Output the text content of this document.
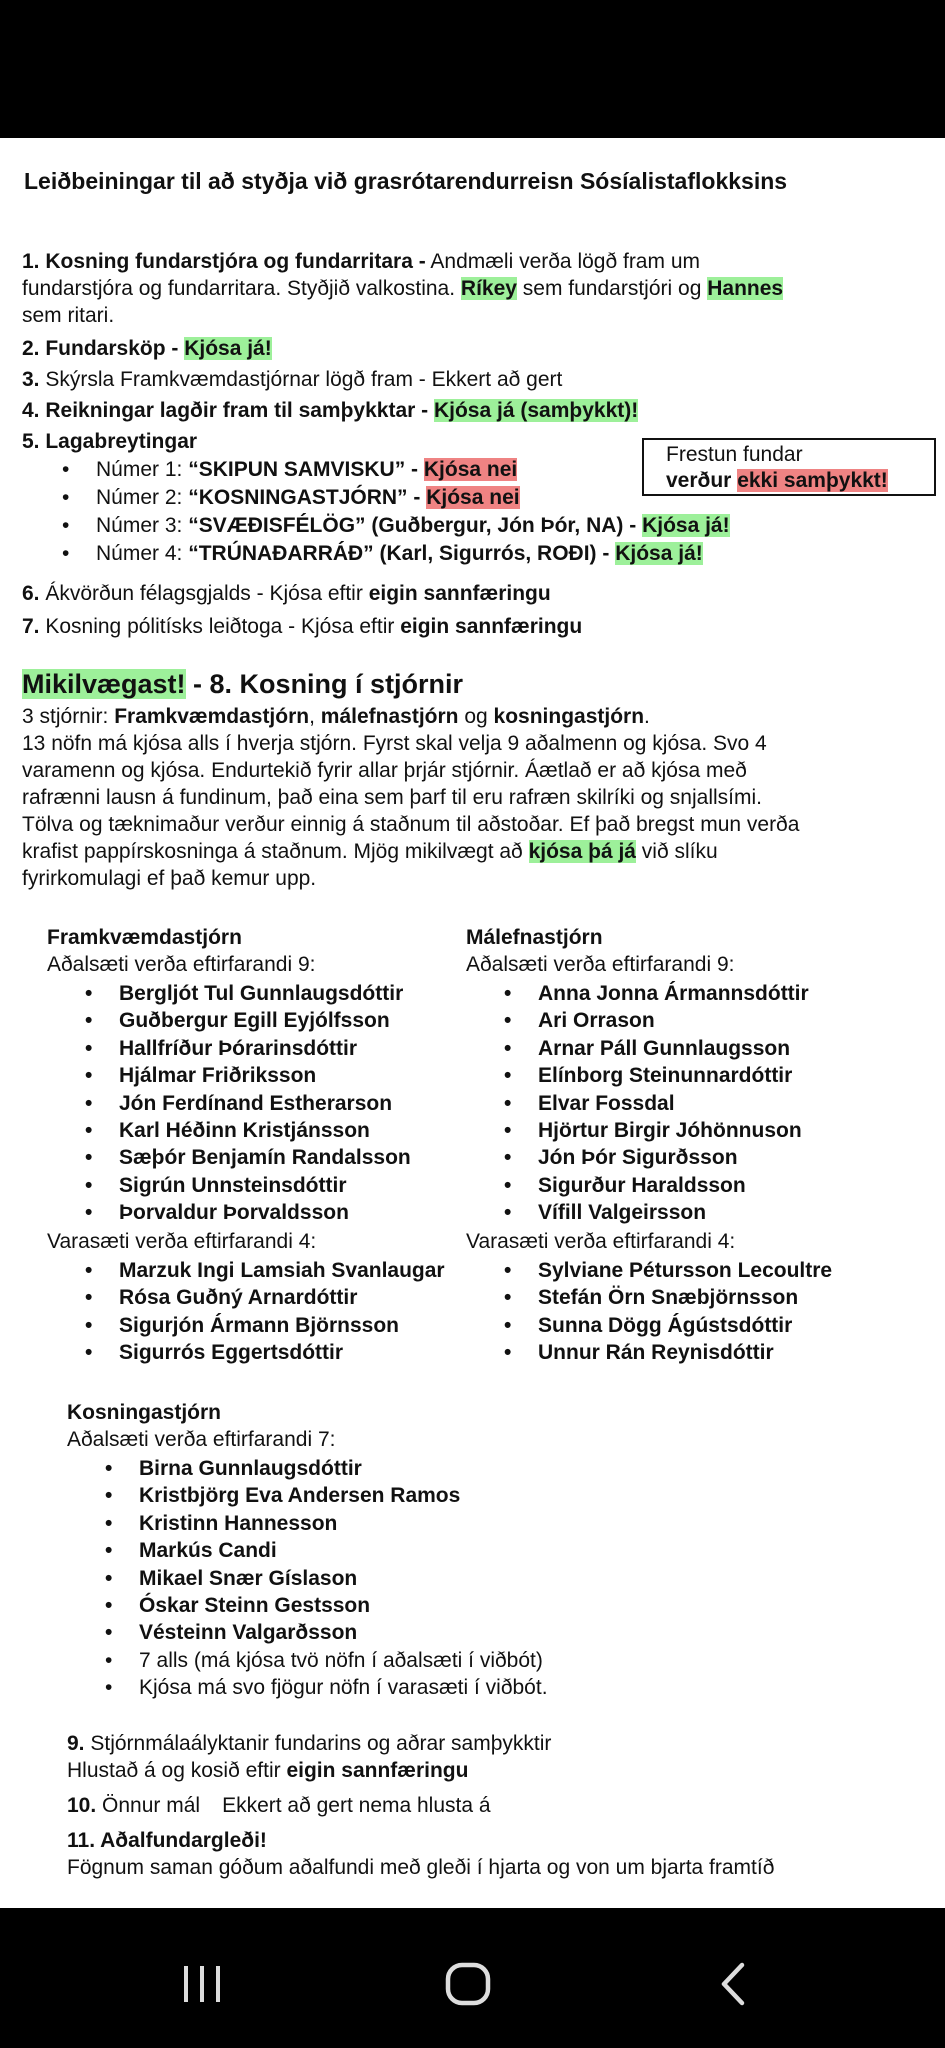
Leiðbeiningar til að styðja við grasrótarendurreisn Sósíalistaflokksins
1. Kosning fundarstjóra og fundarritara - Andmæli verða lögð fram um
fundarstjóra og fundarritara. Styðjið valkostina. Ríkey sem fundarstjóri og Hannes
sem ritari.
2. Fundarsköp - Kjósa já!
3. Skýrsla Framkvæmdastjórnar lögð fram - Ekkert að gert
4. Reikningar lagðir fram til samþykktar - Kjósa já (samþykkt)!
5. Lagabreytingar
• Númer 1: “SKIPUN SAMVISKU” - Kjósa nei
• Númer 2: “KOSNINGASTJÓRN” - Kjósa nei
• Númer 3: “SVÆÐISFÉLÖG” (Guðbergur, Jón Þór, NA) - Kjósa já!
• Númer 4: “TRÚNAÐARRÁÐ” (Karl, Sigurrós, ROÐI) - Kjósa já!
Frestun fundar
verður ekki samþykkt!
6. Ákvörðun félagsgjalds - Kjósa eftir eigin sannfæringu
7. Kosning pólitísks leiðtoga - Kjósa eftir eigin sannfæringu
Mikilvægast! - 8. Kosning í stjórnir
3 stjórnir: Framkvæmdastjórn, málefnastjórn og kosningastjórn.
13 nöfn má kjósa alls í hverja stjórn. Fyrst skal velja 9 aðalmenn og kjósa. Svo 4
varamenn og kjósa. Endurtekið fyrir allar þrjár stjórnir. Áætlað er að kjósa með
rafrænni lausn á fundinum, það eina sem þarf til eru rafræn skilríki og snjallsími.
Tölva og tæknimaður verður einnig á staðnum til aðstoðar. Ef það bregst mun verða
krafist pappírskosninga á staðnum. Mjög mikilvægt að kjósa þá já við slíku
fyrirkomulagi ef það kemur upp.
Framkvæmdastjórn
Aðalsæti verða eftirfarandi 9:
• Bergljót Tul Gunnlaugsdóttir
• Guðbergur Egill Eyjólfsson
• Hallfríður Þórarinsdóttir
• Hjálmar Friðriksson
• Jón Ferdínand Estherarson
• Karl Héðinn Kristjánsson
• Sæþór Benjamín Randalsson
• Sigrún Unnsteinsdóttir
• Þorvaldur Þorvaldsson
Varasæti verða eftirfarandi 4:
• Marzuk Ingi Lamsiah Svanlaugar
• Rósa Guðný Arnardóttir
• Sigurjón Ármann Björnsson
• Sigurrós Eggertsdóttir
Málefnastjórn
Aðalsæti verða eftirfarandi 9:
• Anna Jonna Ármannsdóttir
• Ari Orrason
• Arnar Páll Gunnlaugsson
• Elínborg Steinunnardóttir
• Elvar Fossdal
• Hjörtur Birgir Jóhönnuson
• Jón Þór Sigurðsson
• Sigurður Haraldsson
• Vífill Valgeirsson
Varasæti verða eftirfarandi 4:
• Sylviane Pétursson Lecoultre
• Stefán Örn Snæbjörnsson
• Sunna Dögg Ágústsdóttir
• Unnur Rán Reynisdóttir
Kosningastjórn
Aðalsæti verða eftirfarandi 7:
• Birna Gunnlaugsdóttir
• Kristbjörg Eva Andersen Ramos
• Kristinn Hannesson
• Markús Candi
• Mikael Snær Gíslason
• Óskar Steinn Gestsson
• Vésteinn Valgarðsson
• 7 alls (má kjósa tvö nöfn í aðalsæti í viðbót)
• Kjósa má svo fjögur nöfn í varasæti í viðbót.
9. Stjórnmálaályktanir fundarins og aðrar samþykktir
Hlustað á og kosið eftir eigin sannfæringu
10. Önnur mál Ekkert að gert nema hlusta á
11. Aðalfundargleði!
Fögnum saman góðum aðalfundi með gleði í hjarta og von um bjarta framtíð
